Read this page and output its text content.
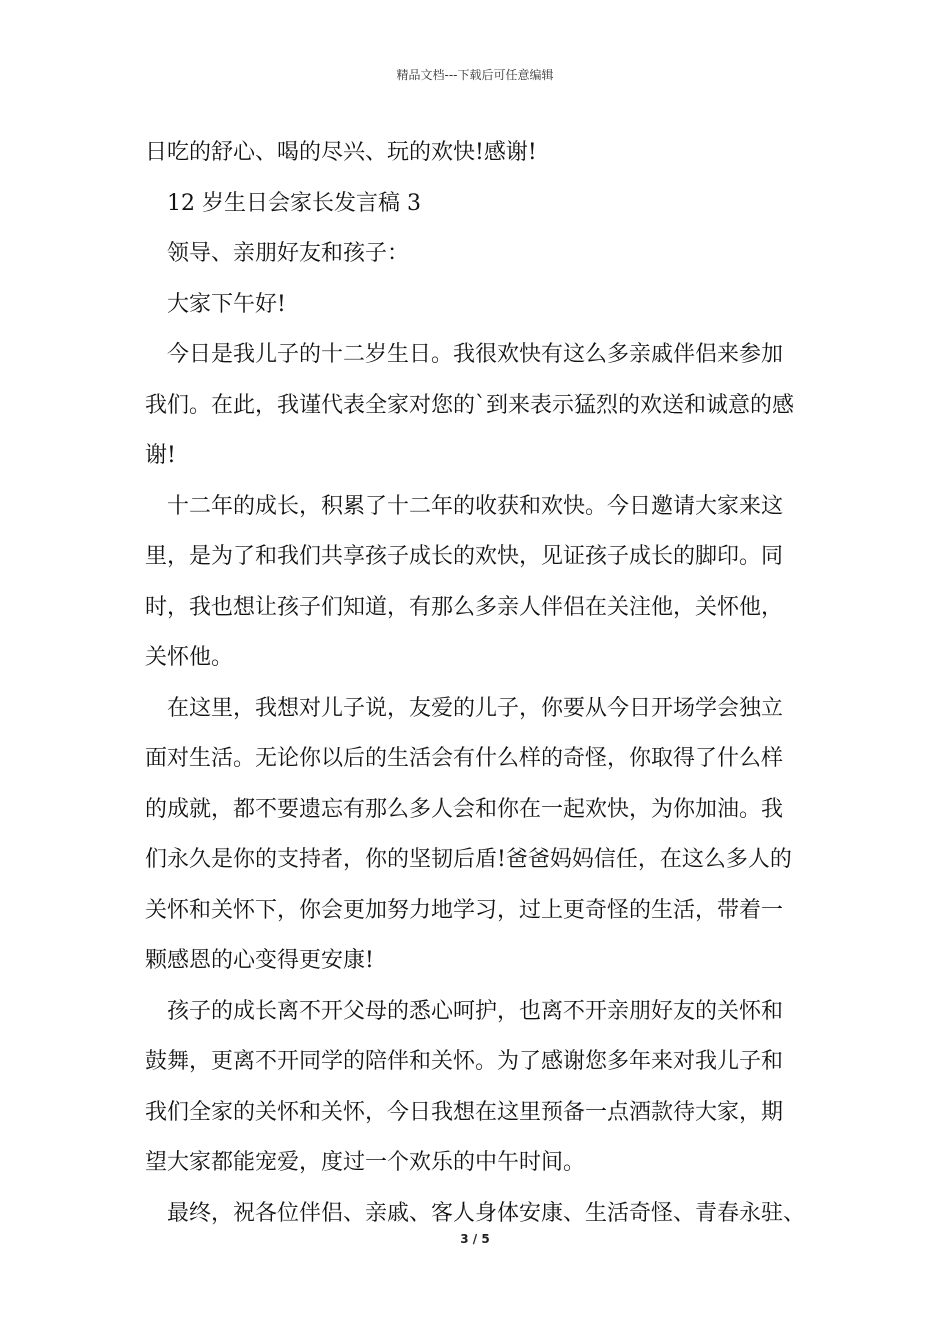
精品文档---下载后可任意编辑
日吃的舒心、喝的尽兴、玩的欢快!感谢!
12 岁生日会家长发言稿 3
领导、亲朋好友和孩子：
大家下午好!
今日是我儿子的十二岁生日。我很欢快有这么多亲戚伴侣来参加
我们。在此，我谨代表全家对您的`到来表示猛烈的欢送和诚意的感
谢!
十二年的成长，积累了十二年的收获和欢快。今日邀请大家来这
里，是为了和我们共享孩子成长的欢快，见证孩子成长的脚印。同
时，我也想让孩子们知道，有那么多亲人伴侣在关注他，关怀他，
关怀他。
在这里，我想对儿子说，友爱的儿子，你要从今日开场学会独立
面对生活。无论你以后的生活会有什么样的奇怪，你取得了什么样
的成就，都不要遗忘有那么多人会和你在一起欢快，为你加油。我
们永久是你的支持者，你的坚韧后盾!爸爸妈妈信任，在这么多人的
关怀和关怀下，你会更加努力地学习，过上更奇怪的生活，带着一
颗感恩的心变得更安康!
孩子的成长离不开父母的悉心呵护，也离不开亲朋好友的关怀和
鼓舞，更离不开同学的陪伴和关怀。为了感谢您多年来对我儿子和
我们全家的关怀和关怀，今日我想在这里预备一点酒款待大家，期
望大家都能宠爱，度过一个欢乐的中午时间。
最终，祝各位伴侣、亲戚、客人身体安康、生活奇怪、青春永驻、
3 / 5
